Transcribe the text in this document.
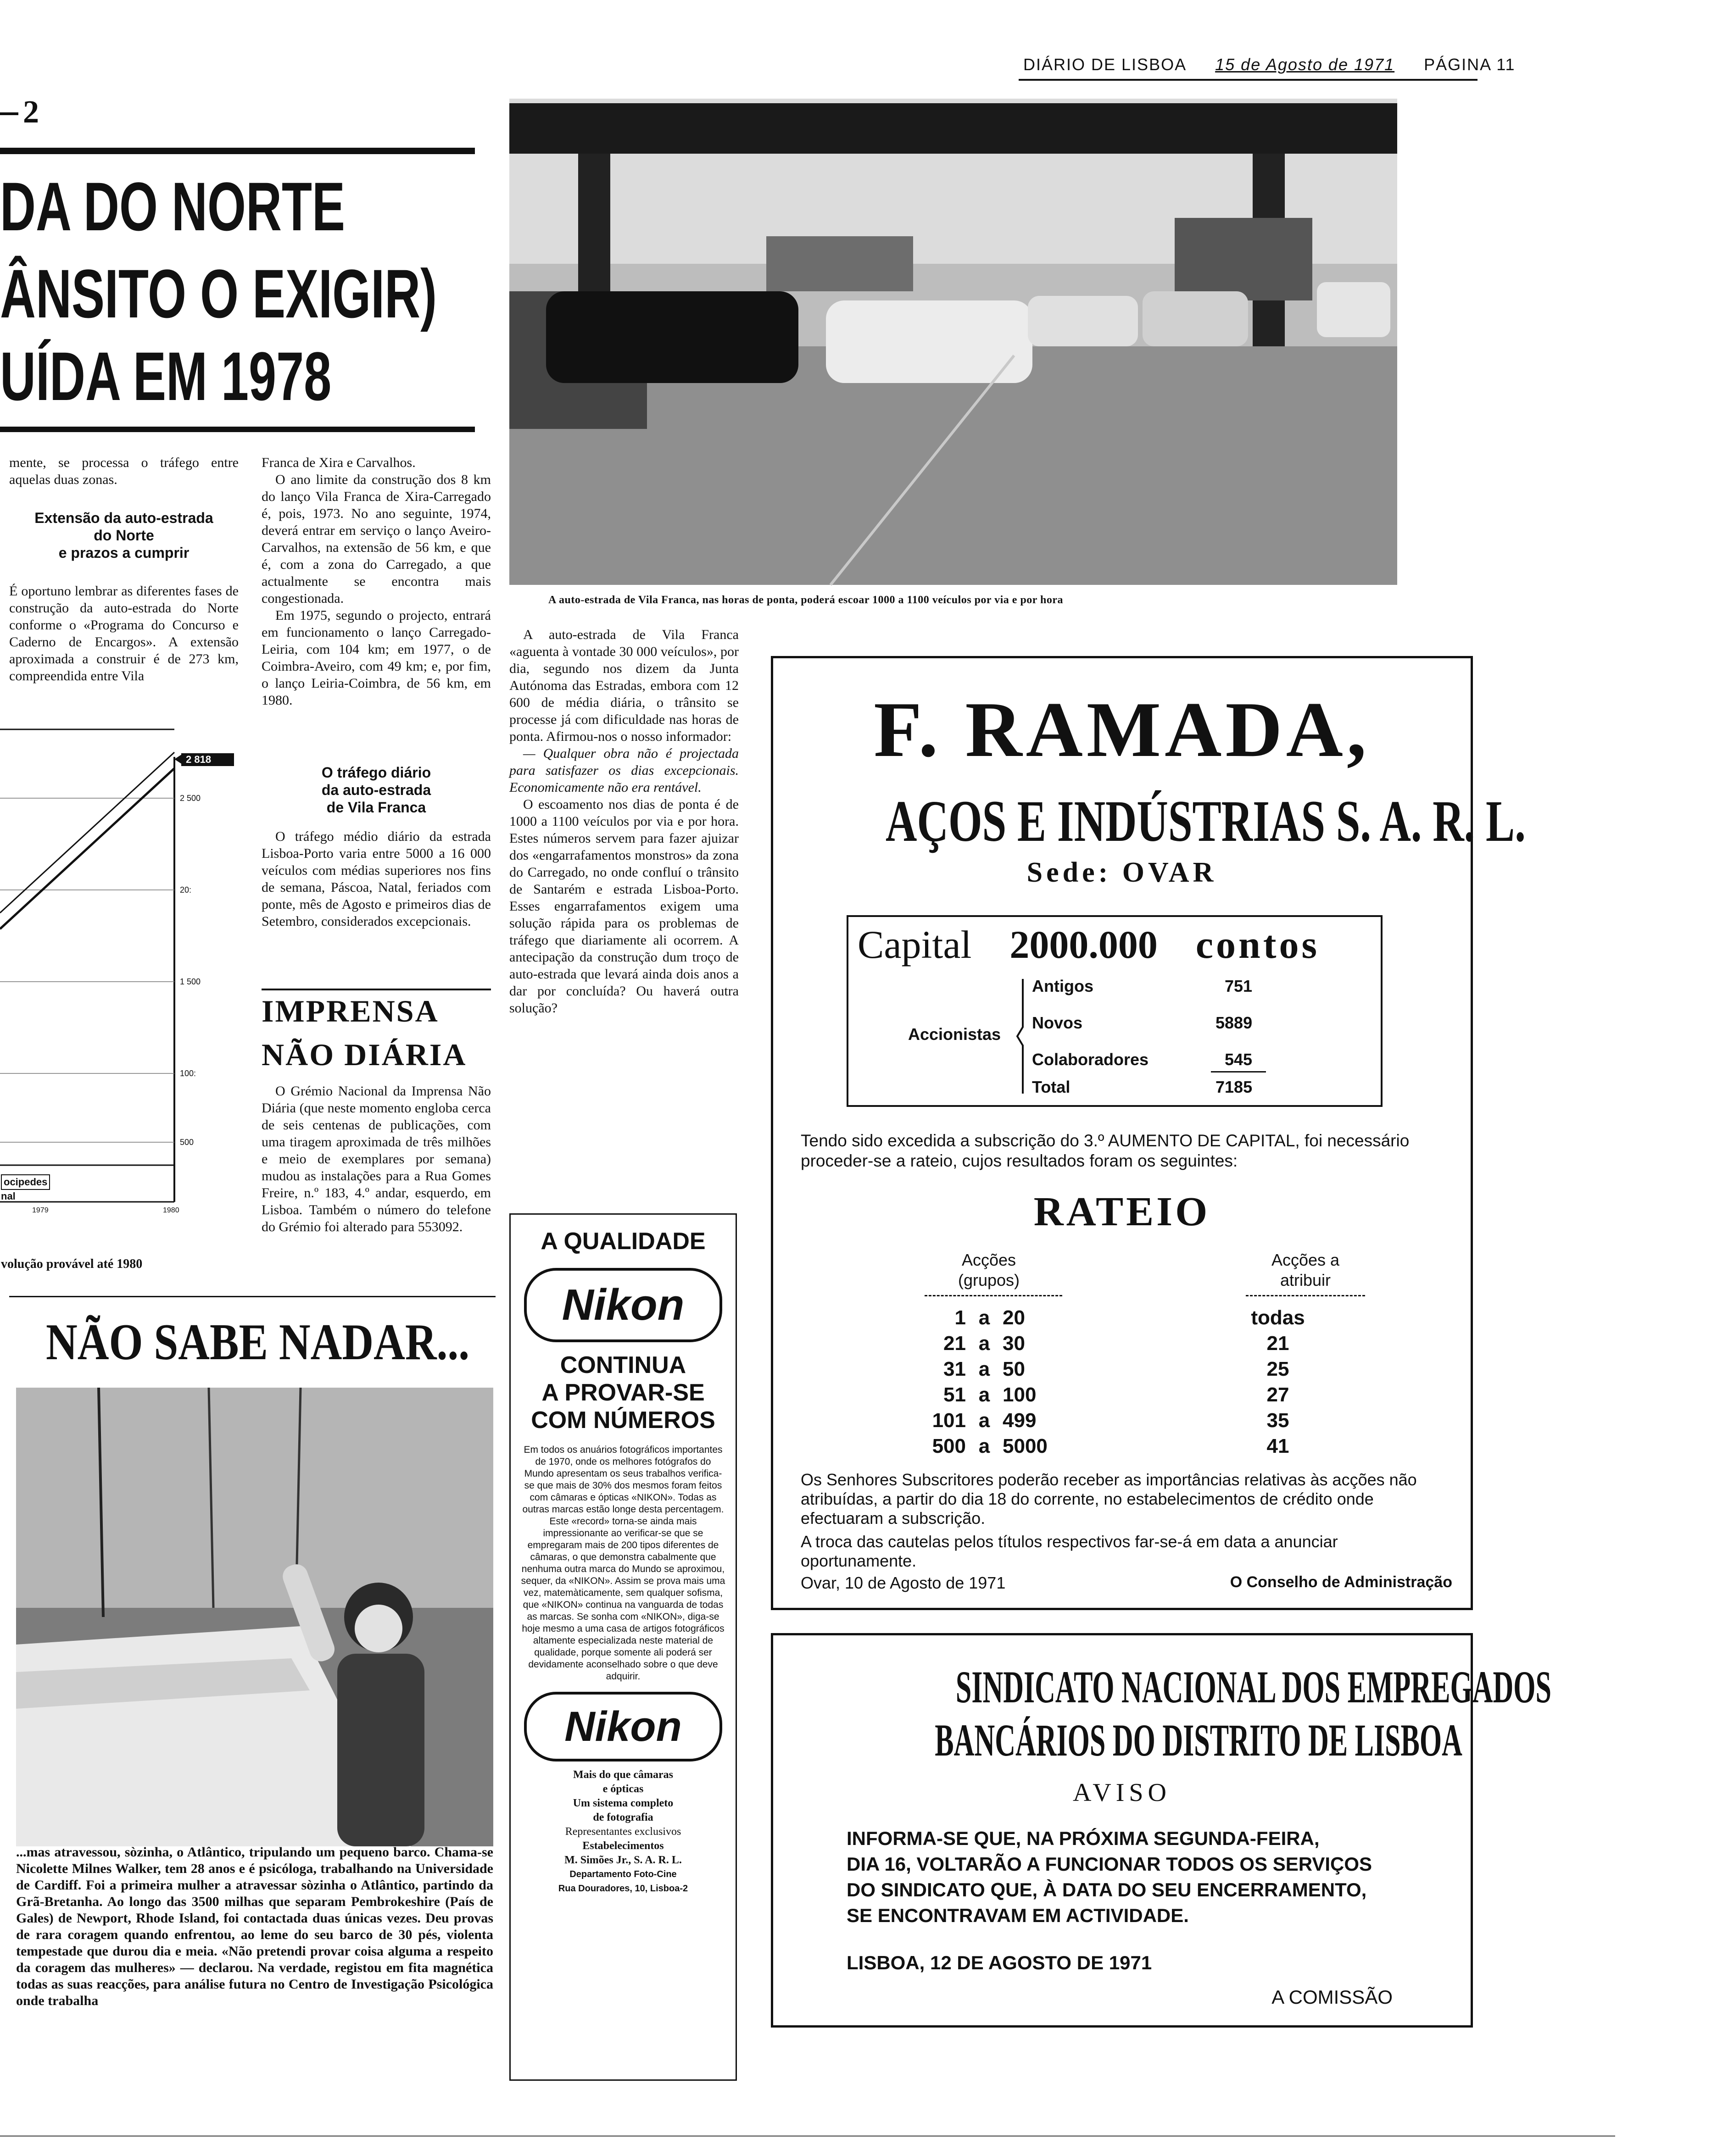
DIÁRIO DE LISBOA 15 de Agosto de 1971 PÁGINA 11
2
DA DO NORTE
ÂNSITO O EXIGIR)
UÍDA EM 1978
A auto-estrada de Vila Franca, nas horas de ponta, poderá escoar 1000 a 1100 veículos por via e por hora
mente, se processa o tráfego entre aquelas duas zonas.
Extensão da auto-estrada
do Norte
e prazos a cumprir
É oportuno lembrar as diferentes fases de construção da auto-estrada do Norte conforme o «Programa do Concurso e Caderno de Encargos». A extensão aproximada a construir é de 273 km, compreendida entre Vila
2 818
2 500
20:
1 500
100:
500
ocipedes
nal
1979	1980
volução provável até 1980
Franca de Xira e Carvalhos.
O ano limite da construção dos 8 km do lanço Vila Franca de Xira-Carregado é, pois, 1973. No ano seguinte, 1974, deverá entrar em serviço o lanço Aveiro-Carvalhos, na extensão de 56 km, e que é, com a zona do Carregado, a que actualmente se encontra mais congestionada.
Em 1975, segundo o projecto, entrará em funcionamento o lanço Carregado-Leiria, com 104 km; em 1977, o de Coimbra-Aveiro, com 49 km; e, por fim, o lanço Leiria-Coimbra, de 56 km, em 1980.
O tráfego diário
da auto-estrada
de Vila Franca
O tráfego médio diário da estrada Lisboa-Porto varia entre 5000 a 16 000 veículos com médias superiores nos fins de semana, Páscoa, Natal, feriados com ponte, mês de Agosto e primeiros dias de Setembro, considerados excepcionais.
IMPRENSA
NÃO DIÁRIA
O Grémio Nacional da Imprensa Não Diária (que neste momento engloba cerca de seis centenas de publicações, com uma tiragem aproximada de três milhões e meio de exemplares por semana) mudou as instalações para a Rua Gomes Freire, n.º 183, 4.º andar, esquerdo, em Lisboa. Também o número do telefone do Grémio foi alterado para 553092.
A auto-estrada de Vila Franca «aguenta à vontade 30 000 veículos», por dia, segundo nos dizem da Junta Autónoma das Estradas, embora com 12 600 de média diária, o trânsito se processe já com dificuldade nas horas de ponta. Afirmou-nos o nosso informador:
— Qualquer obra não é projectada para satisfazer os dias excepcionais. Economicamente não era rentável.
O escoamento nos dias de ponta é de 1000 a 1100 veículos por via e por hora. Estes números servem para fazer ajuizar dos «engarrafamentos monstros» da zona do Carregado, no onde confluí o trânsito de Santarém e estrada Lisboa-Porto. Esses engarrafamentos exigem uma solução rápida para os problemas de tráfego que diariamente ali ocorrem. A antecipação da construção dum troço de auto-estrada que levará ainda dois anos a dar por concluída? Ou haverá outra solução?
NÃO SABE NADAR...
...mas atravessou, sòzinha, o Atlântico, tripulando um pequeno barco. Chama-se Nicolette Milnes Walker, tem 28 anos e é psicóloga, trabalhando na Universidade de Cardiff. Foi a primeira mulher a atravessar sòzinha o Atlântico, partindo da Grã-Bretanha. Ao longo das 3500 milhas que separam Pembrokeshire (País de Gales) de Newport, Rhode Island, foi contactada duas únicas vezes. Deu provas de rara coragem quando enfrentou, ao leme do seu barco de 30 pés, violenta tempestade que durou dia e meia. «Não pretendi provar coisa alguma a respeito da coragem das mulheres» — declarou. Na verdade, registou em fita magnética todas as suas reacções, para análise futura no Centro de Investigação Psicológica onde trabalha
A QUALIDADE
Nikon
CONTINUA
A PROVAR-SE
COM NÚMEROS
Em todos os anuários fotográficos importantes de 1970, onde os melhores fotógrafos do Mundo apresentam os seus trabalhos verifica-se que mais de 30% dos mesmos foram feitos com câmaras e ópticas «NIKON». Todas as outras marcas estão longe desta percentagem. Este «record» torna-se ainda mais impressionante ao verificar-se que se empregaram mais de 200 tipos diferentes de câmaras, o que demonstra cabalmente que nenhuma outra marca do Mundo se aproximou, sequer, da «NIKON». Assim se prova mais uma vez, matemàticamente, sem qualquer sofisma, que «NIKON» continua na vanguarda de todas as marcas. Se sonha com «NIKON», diga-se hoje mesmo a uma casa de artigos fotográficos altamente especializada neste material de qualidade, porque somente ali poderá ser devidamente aconselhado sobre o que deve adquirir.
Nikon
Mais do que câmaras
e ópticas
Um sistema completo
de fotografia
Representantes exclusivos
Estabelecimentos
M. Simões Jr., S. A. R. L.
Departamento Foto-Cine
Rua Douradores, 10, Lisboa-2
F. RAMADA,
AÇOS E INDÚSTRIAS S. A. R. L.
Sede: OVAR
Capital 2000.000 contos
Accionistas
Antigos	751
Novos	5889
Colaboradores	545
Total	7185
Tendo sido excedida a subscrição do 3.º AUMENTO DE CAPITAL, foi necessário proceder-se a rateio, cujos resultados foram os seguintes:
RATEIO
Acções
(grupos)
Acções a
atribuir
1 a 20	todas
21 a 30	21
31 a 50	25
51 a 100	27
101 a 499	35
500 a 5000	41
Os Senhores Subscritores poderão receber as importâncias relativas às acções não atribuídas, a partir do dia 18 do corrente, no estabelecimentos de crédito onde efectuaram a subscrição.
A troca das cautelas pelos títulos respectivos far-se-á em data a anunciar oportunamente.
Ovar, 10 de Agosto de 1971	O Conselho de Administração
SINDICATO NACIONAL DOS EMPREGADOS
BANCÁRIOS DO DISTRITO DE LISBOA
AVISO
INFORMA-SE QUE, NA PRÓXIMA SEGUNDA-FEIRA,
DIA 16, VOLTARÃO A FUNCIONAR TODOS OS SERVIÇOS
DO SINDICATO QUE, À DATA DO SEU ENCERRAMENTO,
SE ENCONTRAVAM EM ACTIVIDADE.
LISBOA, 12 DE AGOSTO DE 1971
A COMISSÃO
